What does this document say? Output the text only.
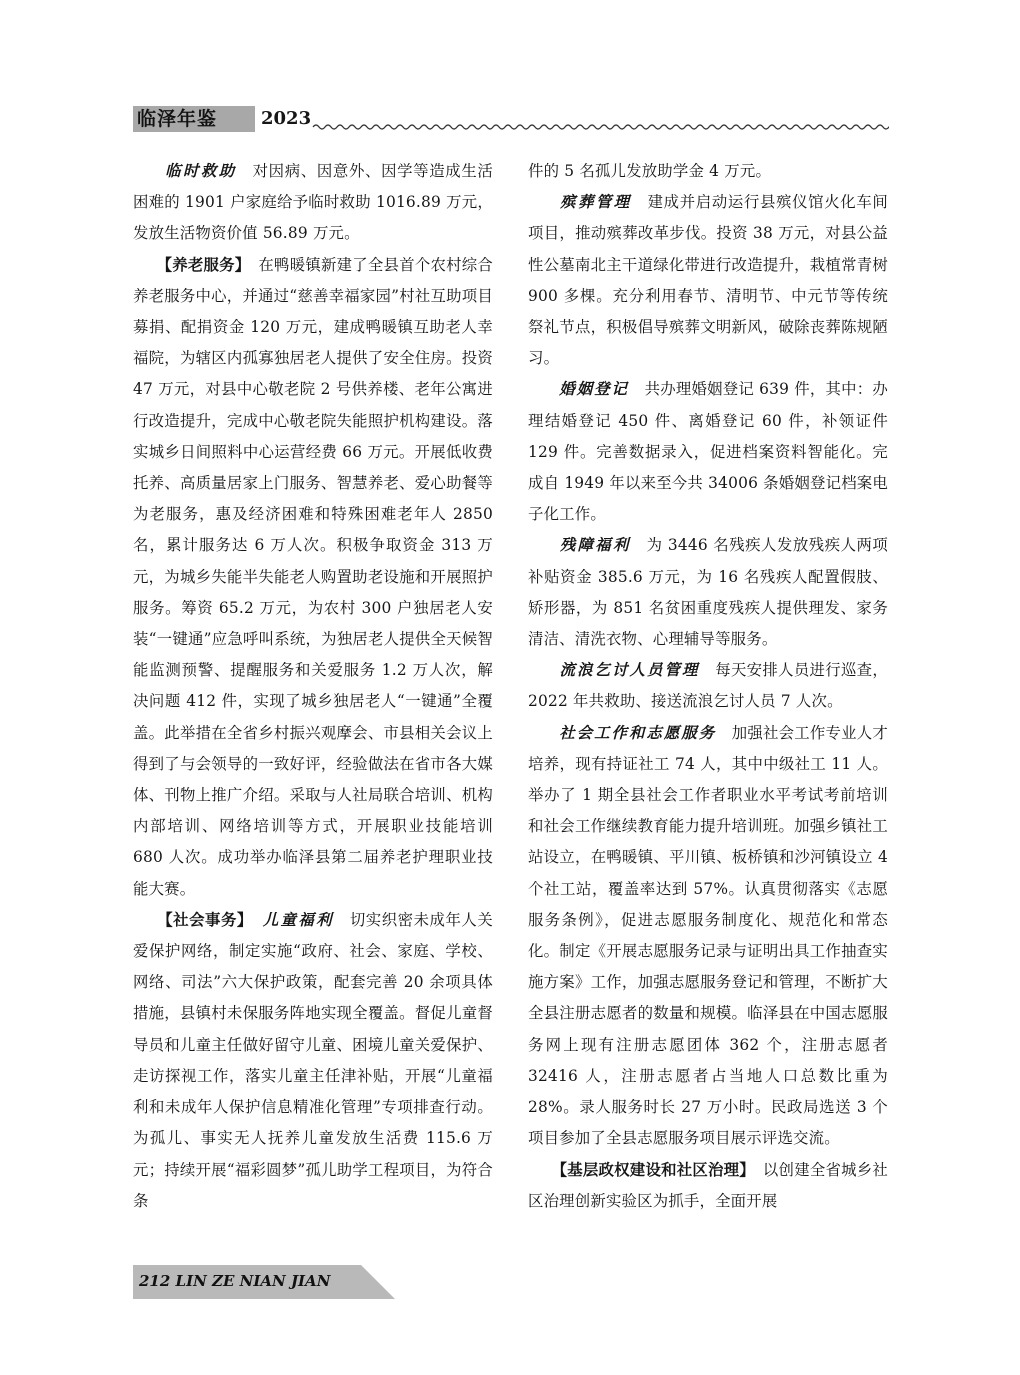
临泽年鉴	2023

　　临时救助　对因病、因意外、因学等造成生活困难的 1901 户家庭给予临时救助 1016.89 万元，发放生活物资价值 56.89 万元。

　　【养老服务】　在鸭暖镇新建了全县首个农村综合养老服务中心，并通过“慈善幸福家园”村社互助项目募捐、配捐资金 120 万元，建成鸭暖镇互助老人幸福院，为辖区内孤寡独居老人提供了安全住房。投资 47 万元，对县中心敬老院 2 号供养楼、老年公寓进行改造提升，完成中心敬老院失能照护机构建设。落实城乡日间照料中心运营经费 66 万元。开展低收费托养、高质量居家上门服务、智慧养老、爱心助餐等为老服务，惠及经济困难和特殊困难老年人 2850 名，累计服务达 6 万人次。积极争取资金 313 万元，为城乡失能半失能老人购置助老设施和开展照护服务。筹资 65.2 万元，为农村 300 户独居老人安装“一键通”应急呼叫系统，为独居老人提供全天候智能监测预警、提醒服务和关爱服务 1.2 万人次，解决问题 412 件，实现了城乡独居老人“一键通”全覆盖。此举措在全省乡村振兴观摩会、市县相关会议上得到了与会领导的一致好评，经验做法在省市各大媒体、刊物上推广介绍。采取与人社局联合培训、机构内部培训、网络培训等方式，开展职业技能培训 680 人次。成功举办临泽县第二届养老护理职业技能大赛。

　　【社会事务】　儿童福利　切实织密未成年人关爱保护网络，制定实施“政府、社会、家庭、学校、网络、司法”六大保护政策，配套完善 20 余项具体措施，县镇村未保服务阵地实现全覆盖。督促儿童督导员和儿童主任做好留守儿童、困境儿童关爱保护、走访探视工作，落实儿童主任津补贴，开展“儿童福利和未成年人保护信息精准化管理”专项排查行动。为孤儿、事实无人抚养儿童发放生活费 115.6 万元；持续开展“福彩圆梦”孤儿助学工程项目，为符合条

件的 5 名孤儿发放助学金 4 万元。

　　殡葬管理　建成并启动运行县殡仪馆火化车间项目，推动殡葬改革步伐。投资 38 万元，对县公益性公墓南北主干道绿化带进行改造提升，栽植常青树 900 多棵。充分利用春节、清明节、中元节等传统祭礼节点，积极倡导殡葬文明新风，破除丧葬陈规陋习。

　　婚姻登记　共办理婚姻登记 639 件，其中：办理结婚登记 450 件、离婚登记 60 件，补领证件 129 件。完善数据录入，促进档案资料智能化。完成自 1949 年以来至今共 34006 条婚姻登记档案电子化工作。

　　残障福利　为 3446 名残疾人发放残疾人两项补贴资金 385.6 万元，为 16 名残疾人配置假肢、矫形器，为 851 名贫困重度残疾人提供理发、家务清洁、清洗衣物、心理辅导等服务。

　　流浪乞讨人员管理　每天安排人员进行巡查，2022 年共救助、接送流浪乞讨人员 7 人次。

　　社会工作和志愿服务　加强社会工作专业人才培养，现有持证社工 74 人，其中中级社工 11 人。举办了 1 期全县社会工作者职业水平考试考前培训和社会工作继续教育能力提升培训班。加强乡镇社工站设立，在鸭暖镇、平川镇、板桥镇和沙河镇设立 4 个社工站，覆盖率达到 57%。认真贯彻落实《志愿服务条例》，促进志愿服务制度化、规范化和常态化。制定《开展志愿服务记录与证明出具工作抽查实施方案》工作，加强志愿服务登记和管理，不断扩大全县注册志愿者的数量和规模。临泽县在中国志愿服务网上现有注册志愿团体 362 个，注册志愿者 32416 人，注册志愿者占当地人口总数比重为 28%。录人服务时长 27 万小时。民政局选送 3 个项目参加了全县志愿服务项目展示评选交流。

　　【基层政权建设和社区治理】　以创建全省城乡社区治理创新实验区为抓手，全面开展

212 LIN ZE NIAN JIAN
